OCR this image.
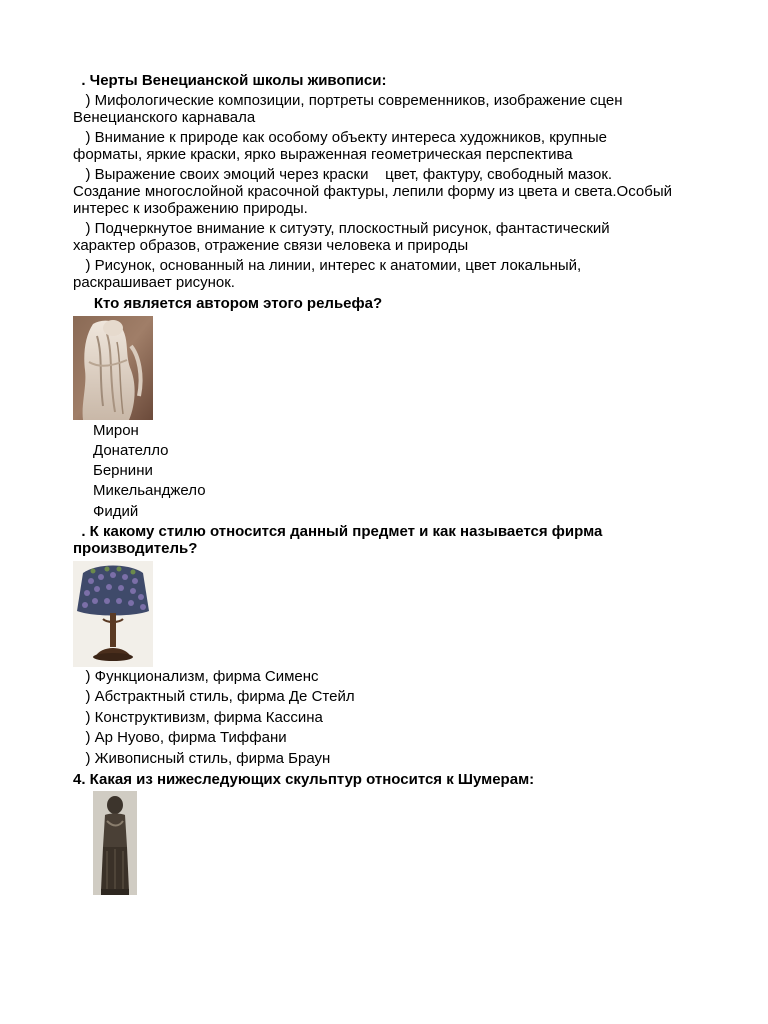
. Черты Венецианской школы живописи:
) Мифологические композиции, портреты современников, изображение сцен
Венецианского карнавала
) Внимание к природе как особому объекту интереса художников, крупные
форматы, яркие краски, ярко выраженная геометрическая перспектива
) Выражение своих эмоций через краски    цвет, фактуру, свободный мазок.
Создание многослойной красочной фактуры, лепили форму из цвета и света.Особый
интерес к изображению природы.
) Подчеркнутое внимание к ситуэту, плоскостный рисунок, фантастический
характер образов, отражение связи человека и природы
) Рисунок, основанный на линии, интерес к анатомии, цвет локальный,
раскрашивает рисунок.
Кто является автором этого рельефа?
Мирон
Донателло
Бернини
Микельанджело
Фидий
. К какому стилю относится данный предмет и как называется фирма
производитель?
) Функционализм, фирма Сименс
) Абстрактный стиль, фирма Де Стейл
) Конструктивизм, фирма Кассина
) Ар Нуово, фирма Тиффани
) Живописный стиль, фирма Браун
4. Какая из нижеследующих скульптур относится к Шумерам:
